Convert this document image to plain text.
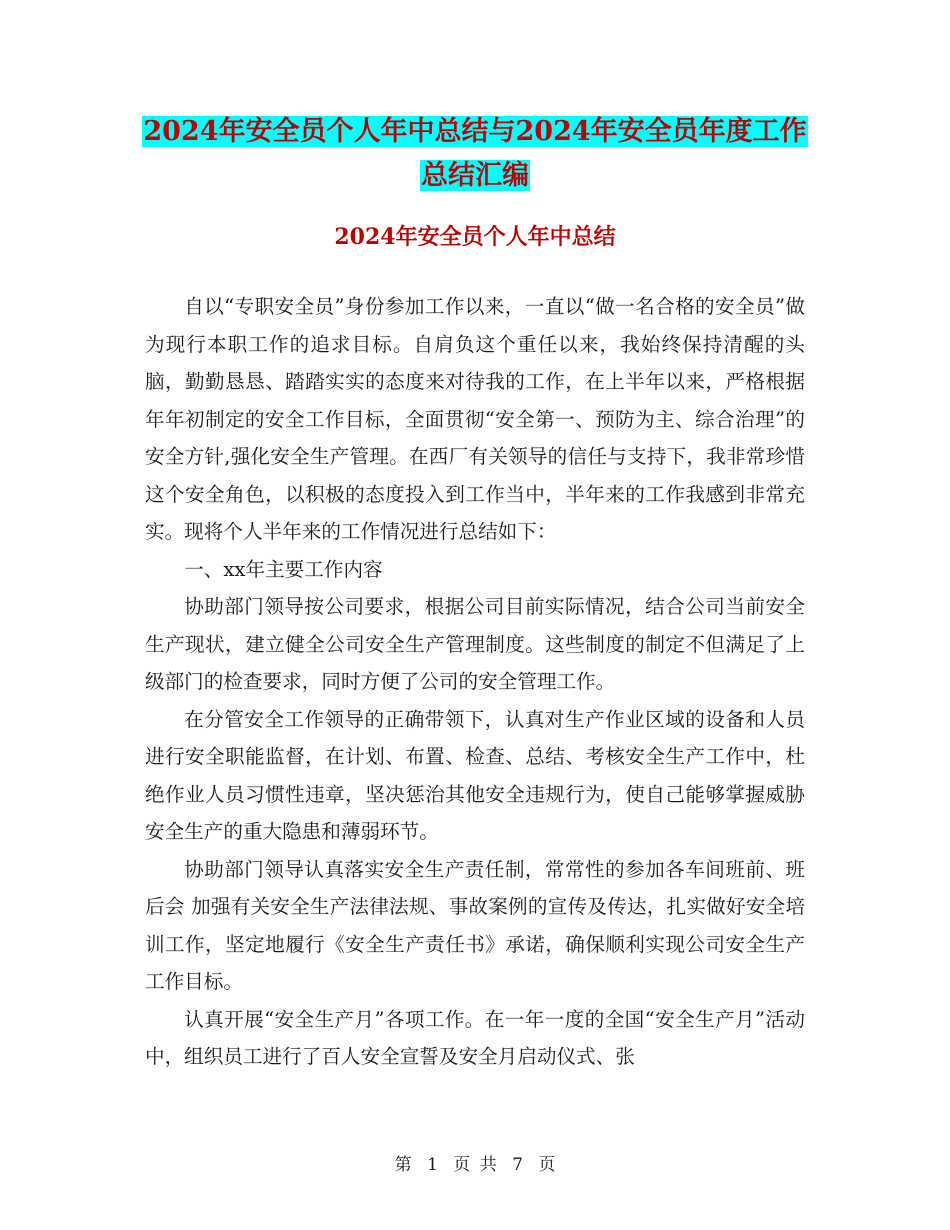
2024年安全员个人年中总结与2024年安全员年度工作
总结汇编
2024年安全员个人年中总结

自以“专职安全员”身份参加工作以来，一直以“做一名合格的安全员”做为现行本职工作的追求目标。自肩负这个重任以来，我始终保持清醒的头脑，勤勤恳恳、踏踏实实的态度来对待我的工作，在上半年以来，严格根据 年年初制定的安全工作目标，全面贯彻“安全第一、预防为主、综合治理”的安全方针,强化安全生产管理。在西厂有关领导的信任与支持下，我非常珍惜这个安全角色，以积极的态度投入到工作当中，半年来的工作我感到非常充实。现将个人半年来的工作情况进行总结如下：

一、xx年主要工作内容

协助部门领导按公司要求，根据公司目前实际情况，结合公司当前安全生产现状，建立健全公司安全生产管理制度。这些制度的制定不但满足了上级部门的检查要求，同时方便了公司的安全管理工作。

在分管安全工作领导的正确带领下，认真对生产作业区域的设备和人员进行安全职能监督，在计划、布置、检查、总结、考核安全生产工作中，杜绝作业人员习惯性违章，坚决惩治其他安全违规行为，使自己能够掌握威胁安全生产的重大隐患和薄弱环节。

协助部门领导认真落实安全生产责任制，常常性的参加各车间班前、班后会 加强有关安全生产法律法规、事故案例的宣传及传达，扎实做好安全培训工作，坚定地履行《安全生产责任书》承诺，确保顺利实现公司安全生产工作目标。

认真开展“安全生产月”各项工作。在一年一度的全国“安全生产月”活动中，组织员工进行了百人安全宣誓及安全月启动仪式、张

第 1 页 共 7 页
